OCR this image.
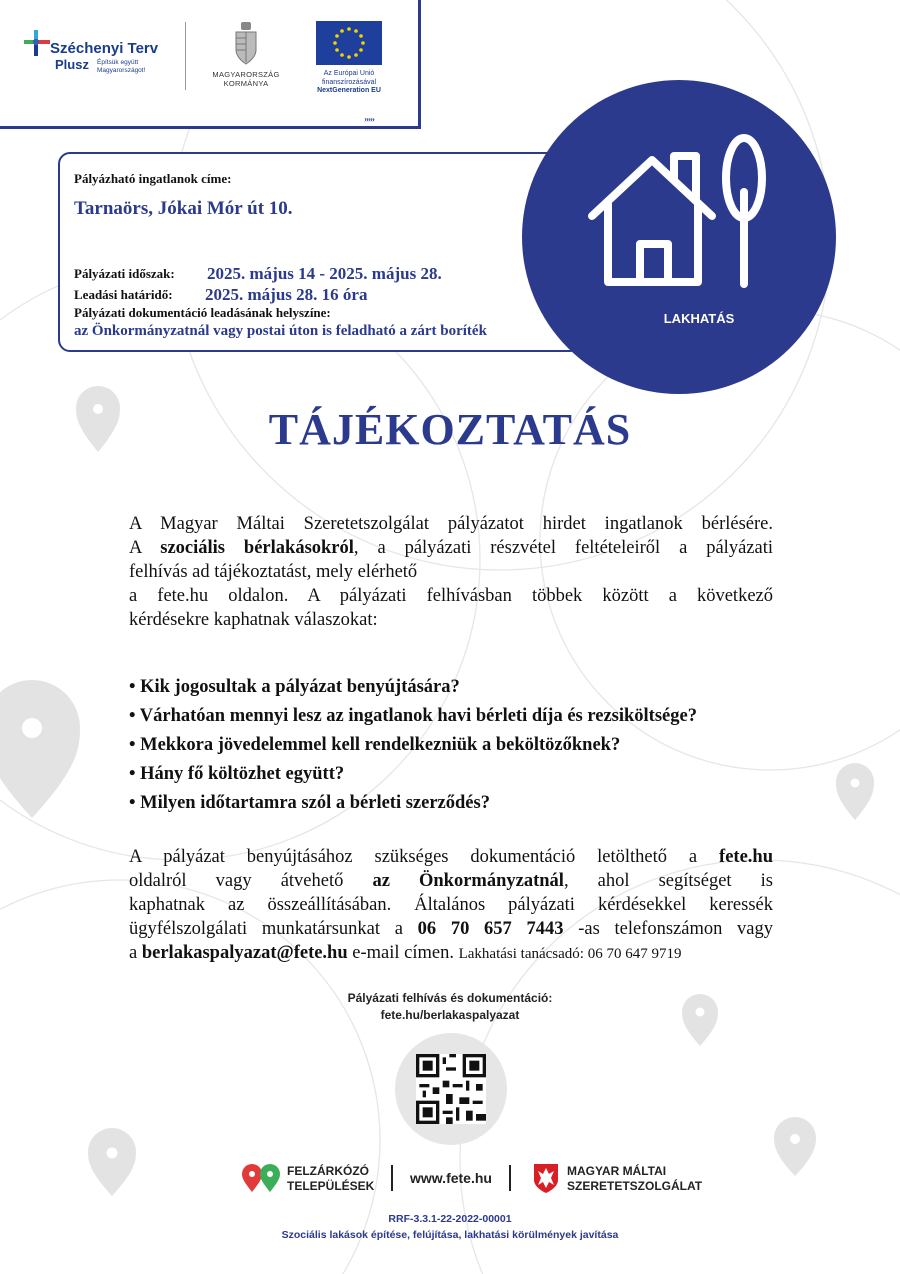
Széchenyi Terv
Plusz Építsük együtt Magyarországot!	MAGYARORSZÁG
KORMÁNYA
Az Európai Unió
finanszírozásával
NextGeneration EU
›››››
Pályázható ingatlanok címe:
Tarnaörs, Jókai Mór út 10.
Pályázati időszak: 2025. május 14 - 2025. május 28.
Leadási határidő: 2025. május 28. 16 óra
Pályázati dokumentáció leadásának helyszíne:
az Önkormányzatnál vagy postai úton is feladható a zárt boríték
LAKHATÁS
TÁJÉKOZTATÁS
A Magyar Máltai Szeretetszolgálat pályázatot hirdet ingatlanok bérlésére.
A szociális bérlakásokról, a pályázati részvétel feltételeiről a pályázati
felhívás ad tájékoztatást, mely elérhető
a fete.hu oldalon. A pályázati felhívásban többek között a következő
kérdésekre kaphatnak válaszokat:
• Kik jogosultak a pályázat benyújtására?
• Várhatóan mennyi lesz az ingatlanok havi bérleti díja és rezsiköltsége?
• Mekkora jövedelemmel kell rendelkezniük a beköltözőknek?
• Hány fő költözhet együtt?
• Milyen időtartamra szól a bérleti szerződés?
A pályázat benyújtásához szükséges dokumentáció letölthető a fete.hu
oldalról vagy átvehető az Önkormányzatnál, ahol segítséget is
kaphatnak az összeállításában. Általános pályázati kérdésekkel keressék
ügyfélszolgálati munkatársunkat a 06 70 657 7443 -as telefonszámon vagy
a berlakaspalyazat@fete.hu e-mail címen. Lakhatási tanácsadó: 06 70 647 9719
Pályázati felhívás és dokumentáció:
fete.hu/berlakaspalyazat
FELZÁRKÓZÓ
TELEPÜLÉSEK	www.fete.hu	MAGYAR MÁLTAI
SZERETETSZOLGÁLAT
RRF-3.3.1-22-2022-00001
Szociális lakások építése, felújítása, lakhatási körülmények javítása
